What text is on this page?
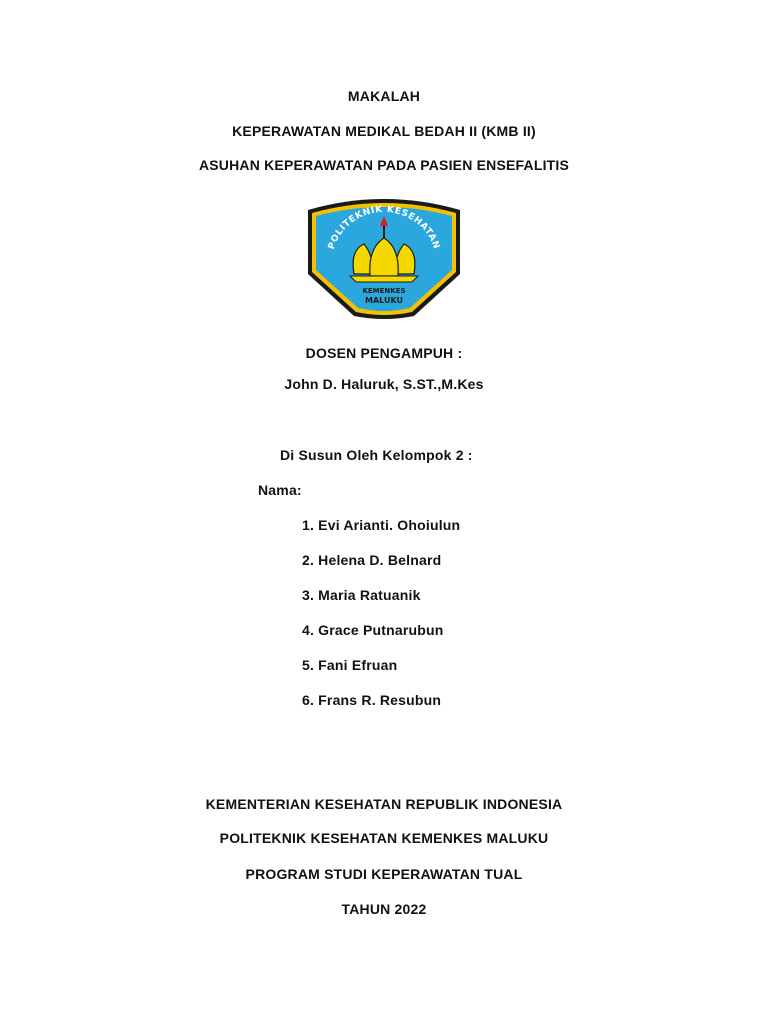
MAKALAH
KEPERAWATAN MEDIKAL BEDAH II (KMB II)
ASUHAN KEPERAWATAN PADA PASIEN ENSEFALITIS
POLITEKNIK KESEHATAN
KEMENKES
MALUKU
DOSEN PENGAMPUH :
John D. Haluruk, S.ST.,M.Kes
Di Susun Oleh Kelompok 2 :
Nama:
1. Evi Arianti. Ohoiulun
2. Helena D. Belnard
3. Maria Ratuanik
4. Grace Putnarubun
5. Fani Efruan
6. Frans R. Resubun
KEMENTERIAN KESEHATAN REPUBLIK INDONESIA
POLITEKNIK KESEHATAN KEMENKES MALUKU
PROGRAM STUDI KEPERAWATAN TUAL
TAHUN 2022
